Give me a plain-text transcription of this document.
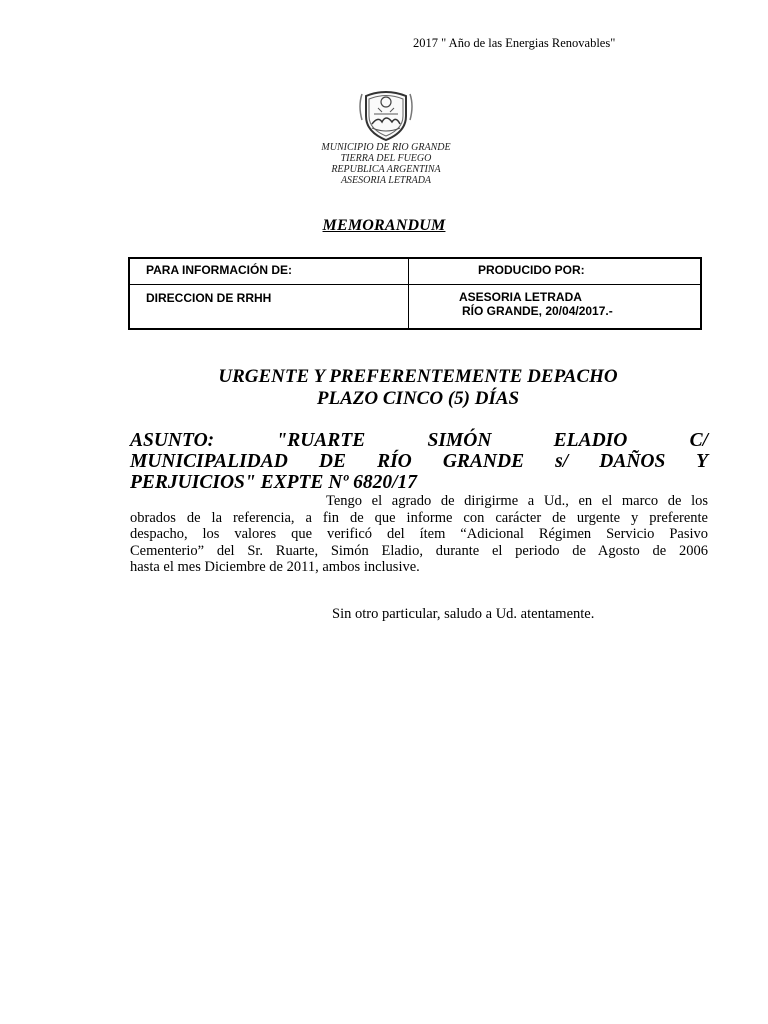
2017 " Año de las Energias Renovables"
MUNICIPIO DE RIO GRANDE
TIERRA DEL FUEGO
REPUBLICA ARGENTINA
ASESORIA LETRADA
MEMORANDUM
PARA INFORMACIÓN DE:	PRODUCIDO POR:
DIRECCION DE RRHH	ASESORIA LETRADA
RÍO GRANDE, 20/04/2017.-
URGENTE Y PREFERENTEMENTE DEPACHO
PLAZO CINCO (5) DÍAS
ASUNTO: "RUARTE SIMÓN ELADIO C/
MUNICIPALIDAD DE RÍO GRANDE s/ DAÑOS Y
PERJUICIOS" EXPTE Nº 6820/17
Tengo el agrado de dirigirme a Ud., en el marco de los
obrados de la referencia, a fin de que informe con carácter de urgente y preferente
despacho, los valores que verificó del ítem “Adicional Régimen Servicio Pasivo
Cementerio” del Sr. Ruarte, Simón Eladio, durante el periodo de Agosto de 2006
hasta el mes Diciembre de 2011, ambos inclusive.
Sin otro particular, saludo a Ud. atentamente.
